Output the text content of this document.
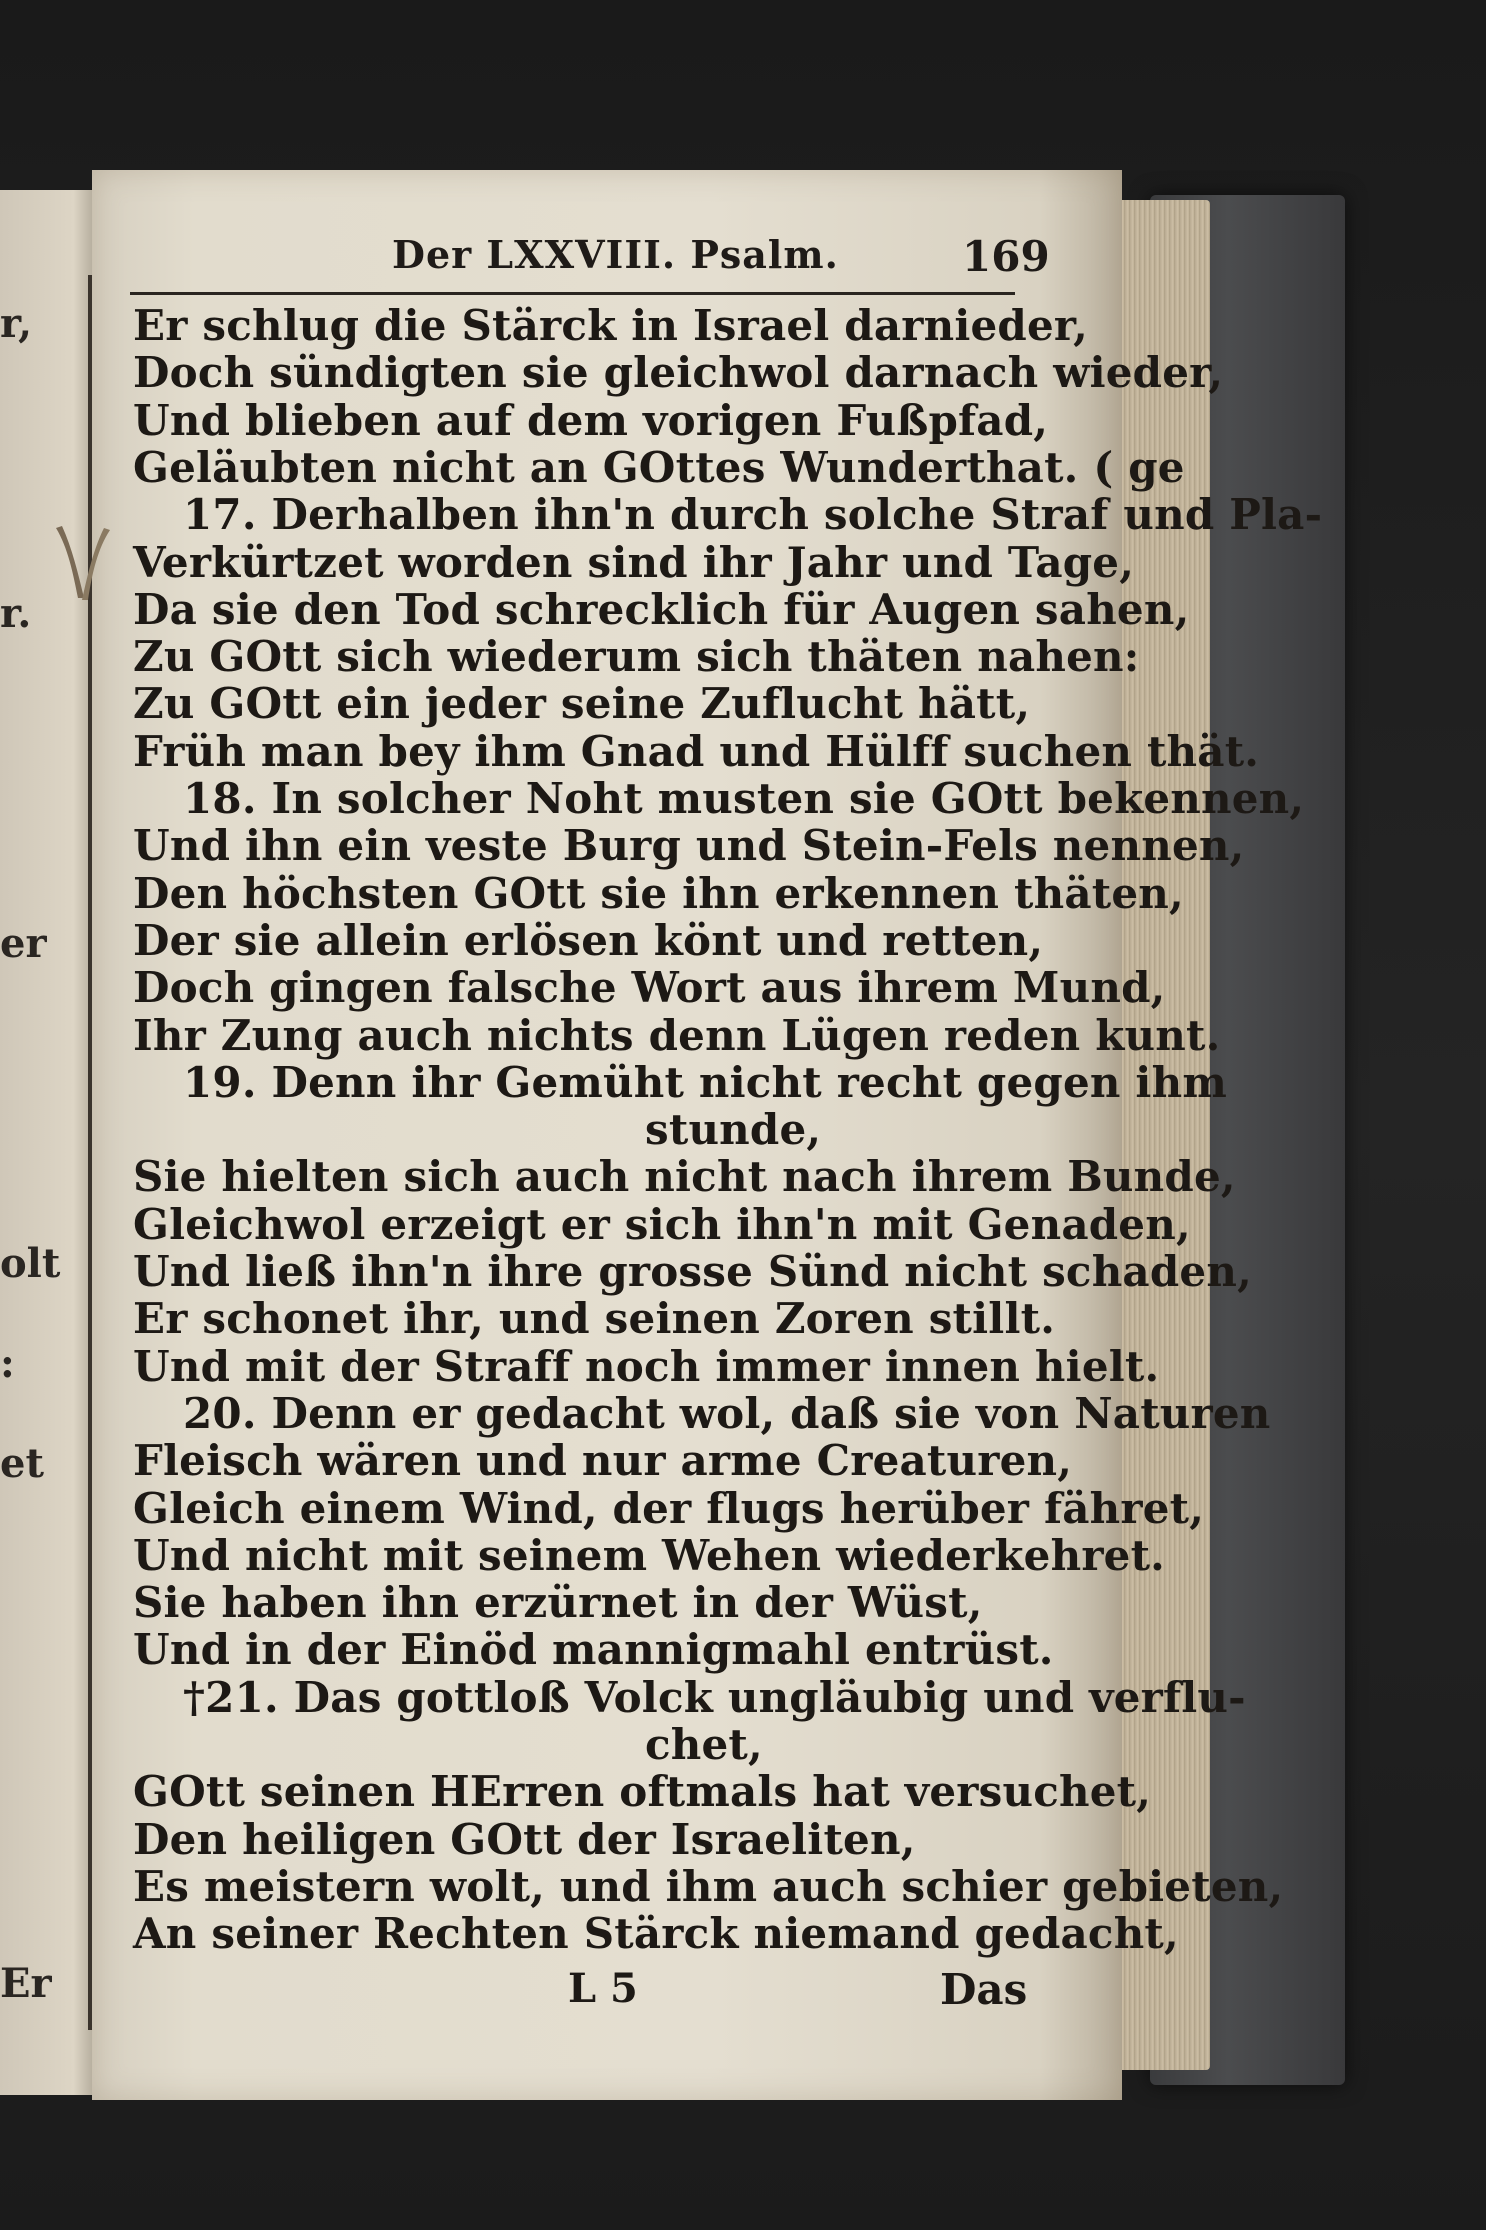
r,
r.
er
olt
:
et
Er
Der LXXVIII. Psalm.	169
Er schlug die Stärck in Israel darnieder,
Doch sündigten sie gleichwol darnach wieder,
Und blieben auf dem vorigen Fußpfad,
Geläubten nicht an GOttes Wunderthat. ( ge
17. Derhalben ihn'n durch solche Straf und Pla-
Verkürtzet worden sind ihr Jahr und Tage,
Da sie den Tod schrecklich für Augen sahen,
Zu GOtt sich wiederum sich thäten nahen:
Zu GOtt ein jeder seine Zuflucht hätt,
Früh man bey ihm Gnad und Hülff suchen thät.
18. In solcher Noht musten sie GOtt bekennen,
Und ihn ein veste Burg und Stein-Fels nennen,
Den höchsten GOtt sie ihn erkennen thäten,
Der sie allein erlösen könt und retten,
Doch gingen falsche Wort aus ihrem Mund,
Ihr Zung auch nichts denn Lügen reden kunt.
19. Denn ihr Gemüht nicht recht gegen ihm
stunde,
Sie hielten sich auch nicht nach ihrem Bunde,
Gleichwol erzeigt er sich ihn'n mit Genaden,
Und ließ ihn'n ihre grosse Sünd nicht schaden,
Er schonet ihr, und seinen Zoren stillt.
Und mit der Straff noch immer innen hielt.
20. Denn er gedacht wol, daß sie von Naturen
Fleisch wären und nur arme Creaturen,
Gleich einem Wind, der flugs herüber fähret,
Und nicht mit seinem Wehen wiederkehret.
Sie haben ihn erzürnet in der Wüst,
Und in der Einöd mannigmahl entrüst.
†21. Das gottloß Volck ungläubig und verflu-
chet,
GOtt seinen HErren oftmals hat versuchet,
Den heiligen GOtt der Israeliten,
Es meistern wolt, und ihm auch schier gebieten,
An seiner Rechten Stärck niemand gedacht,
L 5	Das
